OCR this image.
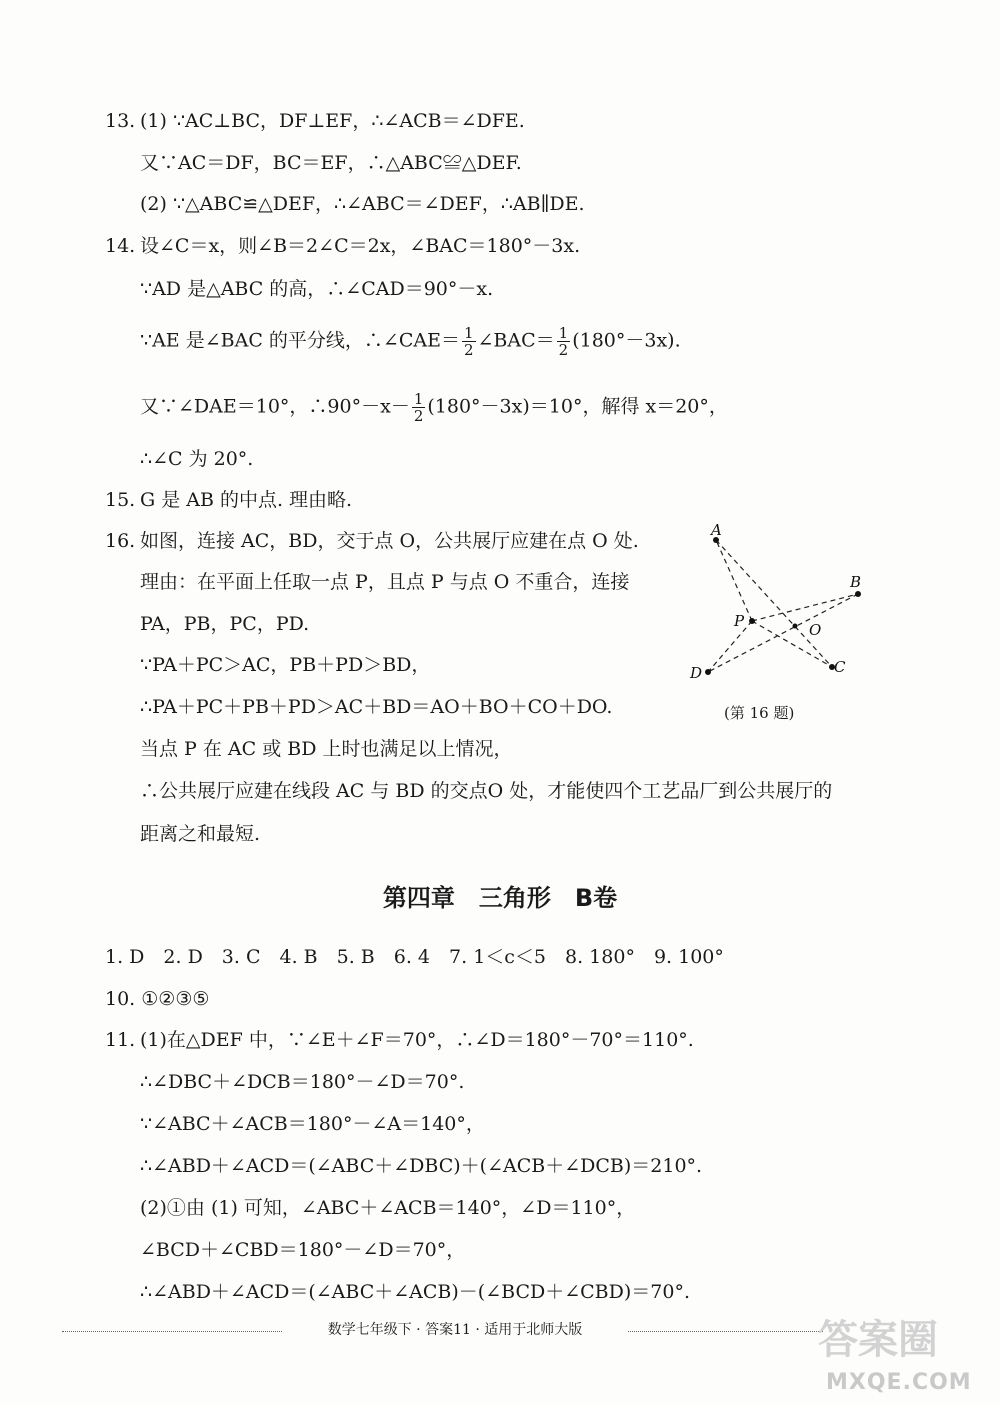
13. (1) ∵AC⊥BC，DF⊥EF，∴∠ACB＝∠DFE.
又∵AC＝DF，BC＝EF，∴△ABC≌△DEF.
(2) ∵△ABC≌△DEF，∴∠ABC＝∠DEF，∴AB∥DE.
14. 设∠C＝x，则∠B＝2∠C＝2x，∠BAC＝180°－3x.
∵AD 是△ABC 的高，∴∠CAD＝90°－x.
∵AE 是∠BAC 的平分线，∴∠CAE＝ $\frac{1}{2}$ ∠BAC＝ $\frac{1}{2} (180^\circ-3x)$.
又∵∠DAE＝10°，∴90°－x－ $\frac{1}{2} (180^\circ-3x)=10^\circ$，解得 x＝20°，
∴∠C 为 20°.
15. G 是 AB 的中点. 理由略.
16. 如图，连接 AC，BD，交于点 O，公共展厅应建在点 O 处.
理由：在平面上任取一点 P，且点 P 与点 O 不重合，连接
PA，PB，PC，PD.
∵PA＋PC＞AC，PB＋PD＞BD，
∴PA＋PC＋PB＋PD＞AC＋BD＝AO＋BO＋CO＋DO.
当点 P 在 AC 或 BD 上时也满足以上情况，
∴公共展厅应建在线段 AC 与 BD 的交点O 处，才能使四个工艺品厂到公共展厅的
距离之和最短.
A
B
C
D
P	O
(第 16 题)
第四章　三角形　B卷
1. D　2. D　3. C　4. B　5. B　6. 4　7. 1＜c＜5　8. 180°　9. 100°
10. ①②③⑤
11. (1)在△DEF 中，∵∠E＋∠F＝70°，∴∠D＝180°－70°＝110°.
∴∠DBC＋∠DCB＝180°－∠D＝70°.
∵∠ABC＋∠ACB＝180°－∠A＝140°，
∴∠ABD＋∠ACD＝(∠ABC＋∠DBC)＋(∠ACB＋∠DCB)＝210°.
(2)①由 (1) 可知，∠ABC＋∠ACB＝140°，∠D＝110°，
∠BCD＋∠CBD＝180°－∠D＝70°，
∴∠ABD＋∠ACD＝(∠ABC＋∠ACB)－(∠BCD＋∠CBD)＝70°.
数学七年级下 · 答案11 · 适用于北师大版	答案圈
MXQE.COM
